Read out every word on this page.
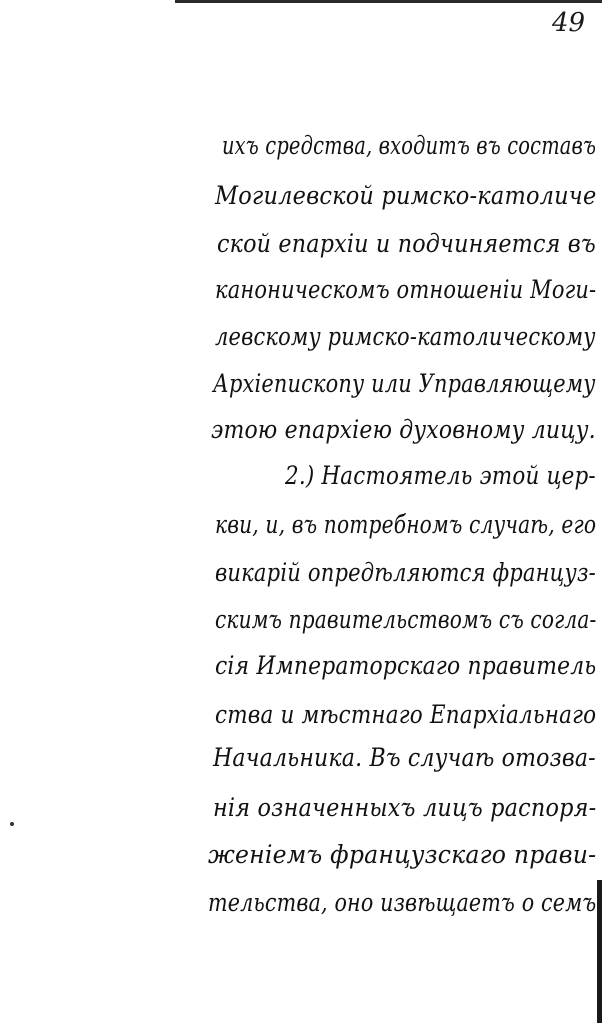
49
ихъ средства, входитъ въ составъ
Могилевской римско-католиче
ской епархіи и подчиняется въ
каноническомъ отношеніи Моги-
левскому римско-католическому
Архіепископу или Управляющему
этою епархіею духовному лицу.
2.) Настоятель этой цер-
кви, и, въ потребномъ случаѣ, его
викарій опредѣляются француз-
скимъ правительствомъ съ согла-
сія Императорскаго правитель
ства и мѣстнаго Епархіальнаго
Начальника. Въ случаѣ отозва-
нія означенныхъ лицъ распоря-
женіемъ французскаго прави-
тельства, оно извѣщаетъ о семъ
